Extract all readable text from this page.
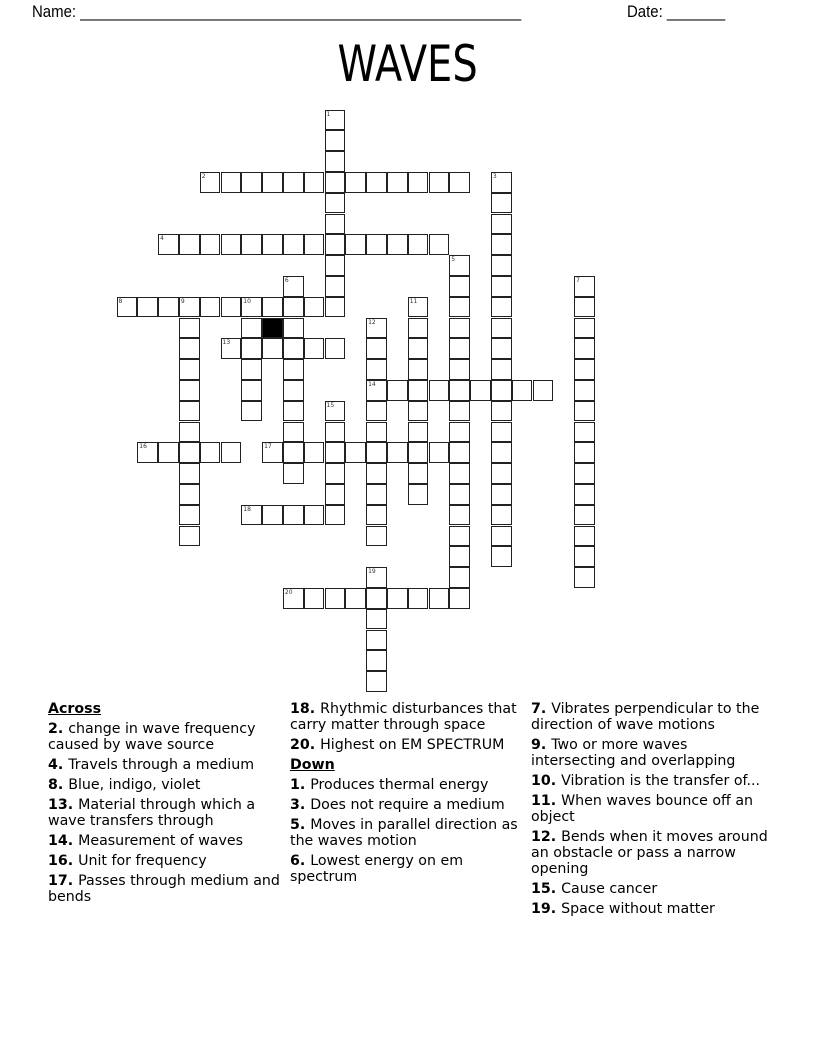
Name: _____________________________________________________	Date: _______
WAVES
1
2	3
4
5
6	7
8	9	10	11
12
14
13
15
16	17
18
19
20
Across
2. change in wave frequency caused by wave source
4. Travels through a medium
8. Blue, indigo, violet
13. Material through which a wave transfers through
14. Measurement of waves
16. Unit for frequency
17. Passes through medium and bends
18. Rhythmic disturbances that carry matter through space
20. Highest on EM SPECTRUM
Down
1. Produces thermal energy
3. Does not require a medium
5. Moves in parallel direction as the waves motion
6. Lowest energy on em spectrum
7. Vibrates perpendicular to the direction of wave motions
9. Two or more waves intersecting and overlapping
10. Vibration is the transfer of...
11. When waves bounce off an object
12. Bends when it moves around an obstacle or pass a narrow opening
15. Cause cancer
19. Space without matter
